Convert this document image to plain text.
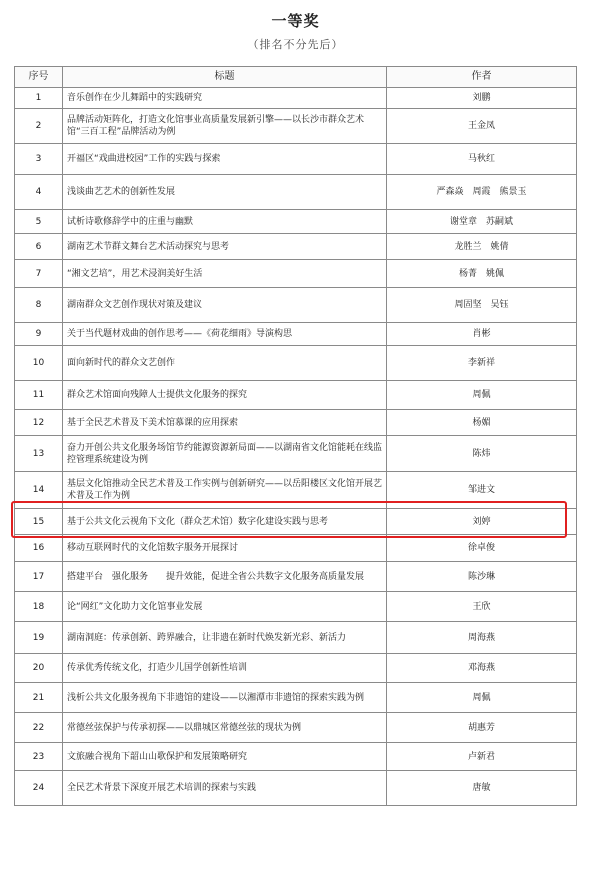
一等奖
（排名不分先后）
序号	标题	作者
1	音乐创作在少儿舞蹈中的实践研究	刘鹏
2	品牌活动矩阵化，打造文化馆事业高质量发展新引擎——以长沙市群众艺术馆“三百工程”品牌活动为例	王金凤
3	开福区“戏曲进校园”工作的实践与探索	马秋红
4	浅谈曲艺艺术的创新性发展	严森焱　周霞　熊景玉
5	试析诗歌修辞学中的庄重与幽默	谢堂章　苏嗣斌
6	湖南艺术节群文舞台艺术活动探究与思考	龙胜兰　姚倩
7	“湘文艺培”，用艺术浸润美好生活	杨菁　姚佩
8	湖南群众文艺创作现状对策及建议	周固坚　吴钰
9	关于当代题材戏曲的创作思考——《荷花细雨》导演构思	肖彬
10	面向新时代的群众文艺创作	李新祥
11	群众艺术馆面向残障人士提供文化服务的探究	周佩
12	基于全民艺术普及下美术馆慕课的应用探索	杨媚
13	奋力开创公共文化服务场馆节约能源资源新局面——以湖南省文化馆能耗在线监控管理系统建设为例	陈炜
14	基层文化馆推动全民艺术普及工作实例与创新研究——以岳阳楼区文化馆开展艺术普及工作为例	邹进文
15	基于公共文化云视角下文化（群众艺术馆）数字化建设实践与思考	刘婷
16	移动互联网时代的文化馆数字服务开展探讨	徐卓俊
17	搭建平台　强化服务　　提升效能，促进全省公共数字文化服务高质量发展	陈沙琳
18	论“网红”文化助力文化馆事业发展	王欣
19	湖南洞庭：传承创新、跨界融合，让非遗在新时代焕发新光彩、新活力	周海燕
20	传承优秀传统文化，打造少儿国学创新性培训	邓海燕
21	浅析公共文化服务视角下非遗馆的建设——以湘潭市非遗馆的探索实践为例	周佩
22	常德丝弦保护与传承初探——以鼎城区常德丝弦的现状为例	胡惠芳
23	文旅融合视角下韶山山歌保护和发展策略研究	卢新君
24	全民艺术背景下深度开展艺术培训的探索与实践	唐敏
